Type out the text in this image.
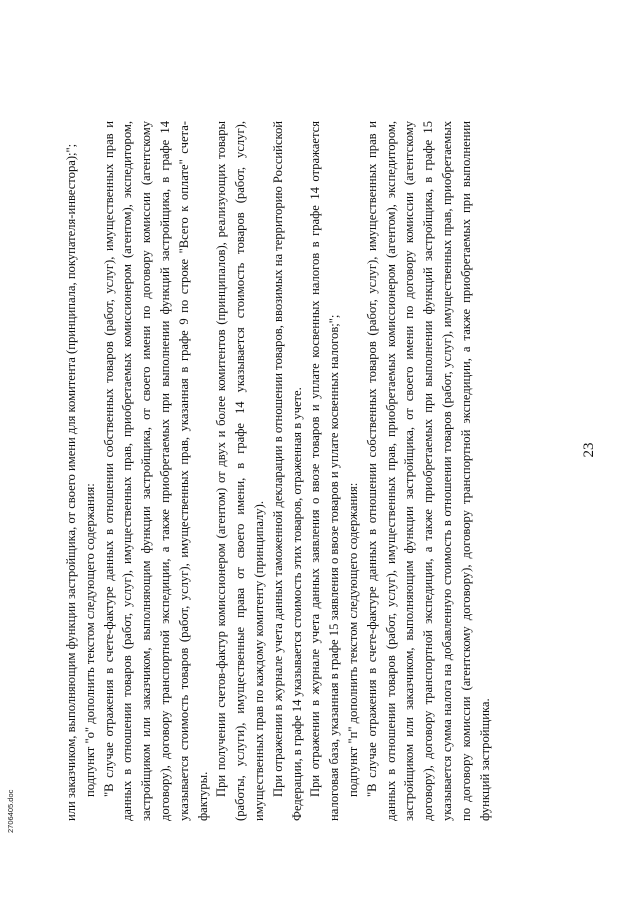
23

или заказчиком, выполняющим функции застройщика, от своего имени для комитента (принципала, покупателя-инвестора);"; подпункт "о" дополнить текстом следующего содержания: "В случае отражения в счете-фактуре данных в отношении собственных товаров (работ, услуг), имущественных прав и данных в отношении товаров (работ, услуг), имущественных прав, приобретаемых комиссионером (агентом), экспедитором, застройщиком или заказчиком, выполняющим функции застройщика, от своего имени по договору комиссии (агентскому договору), договору транспортной экспедиции, а также приобретаемых при выполнении функций застройщика, в графе 14 указывается стоимость товаров (работ, услуг), имущественных прав, указанная в графе 9 по строке "Всего к оплате" счета-фактуры. При получении счетов-фактур комиссионером (агентом) от двух и более комитентов (принципалов), реализующих товары (работы, услуги), имущественные права от своего имени, в графе 14 указывается стоимость товаров (работ, услуг), имущественных прав по каждому комитенту (принципалу). При отражении в журнале учета данных таможенной декларации в отношении товаров, ввозимых на территорию Российской Федерации, в графе 14 указывается стоимость этих товаров, отраженная в учете. При отражении в журнале учета данных заявления о ввозе товаров и уплате косвенных налогов в графе 14 отражается налоговая база, указанная в графе 15 заявления о ввозе товаров и уплате косвенных налогов;"; подпункт "п" дополнить текстом следующего содержания: "В случае отражения в счете-фактуре данных в отношении собственных товаров (работ, услуг), имущественных прав и данных в отношении товаров (работ, услуг), имущественных прав, приобретаемых комиссионером (агентом), экспедитором, застройщиком или заказчиком, выполняющим функции застройщика, от своего имени по договору комиссии (агентскому договору), договору транспортной экспедиции, а также приобретаемых при выполнении функций застройщика, в графе 15 указывается сумма налога на добавленную стоимость в отношении товаров (работ, услуг), имущественных прав, приобретаемых по договору комиссии (агентскому договору), договору транспортной экспедиции, а также приобретаемых при выполнении функций застройщика.

2706405.doc
